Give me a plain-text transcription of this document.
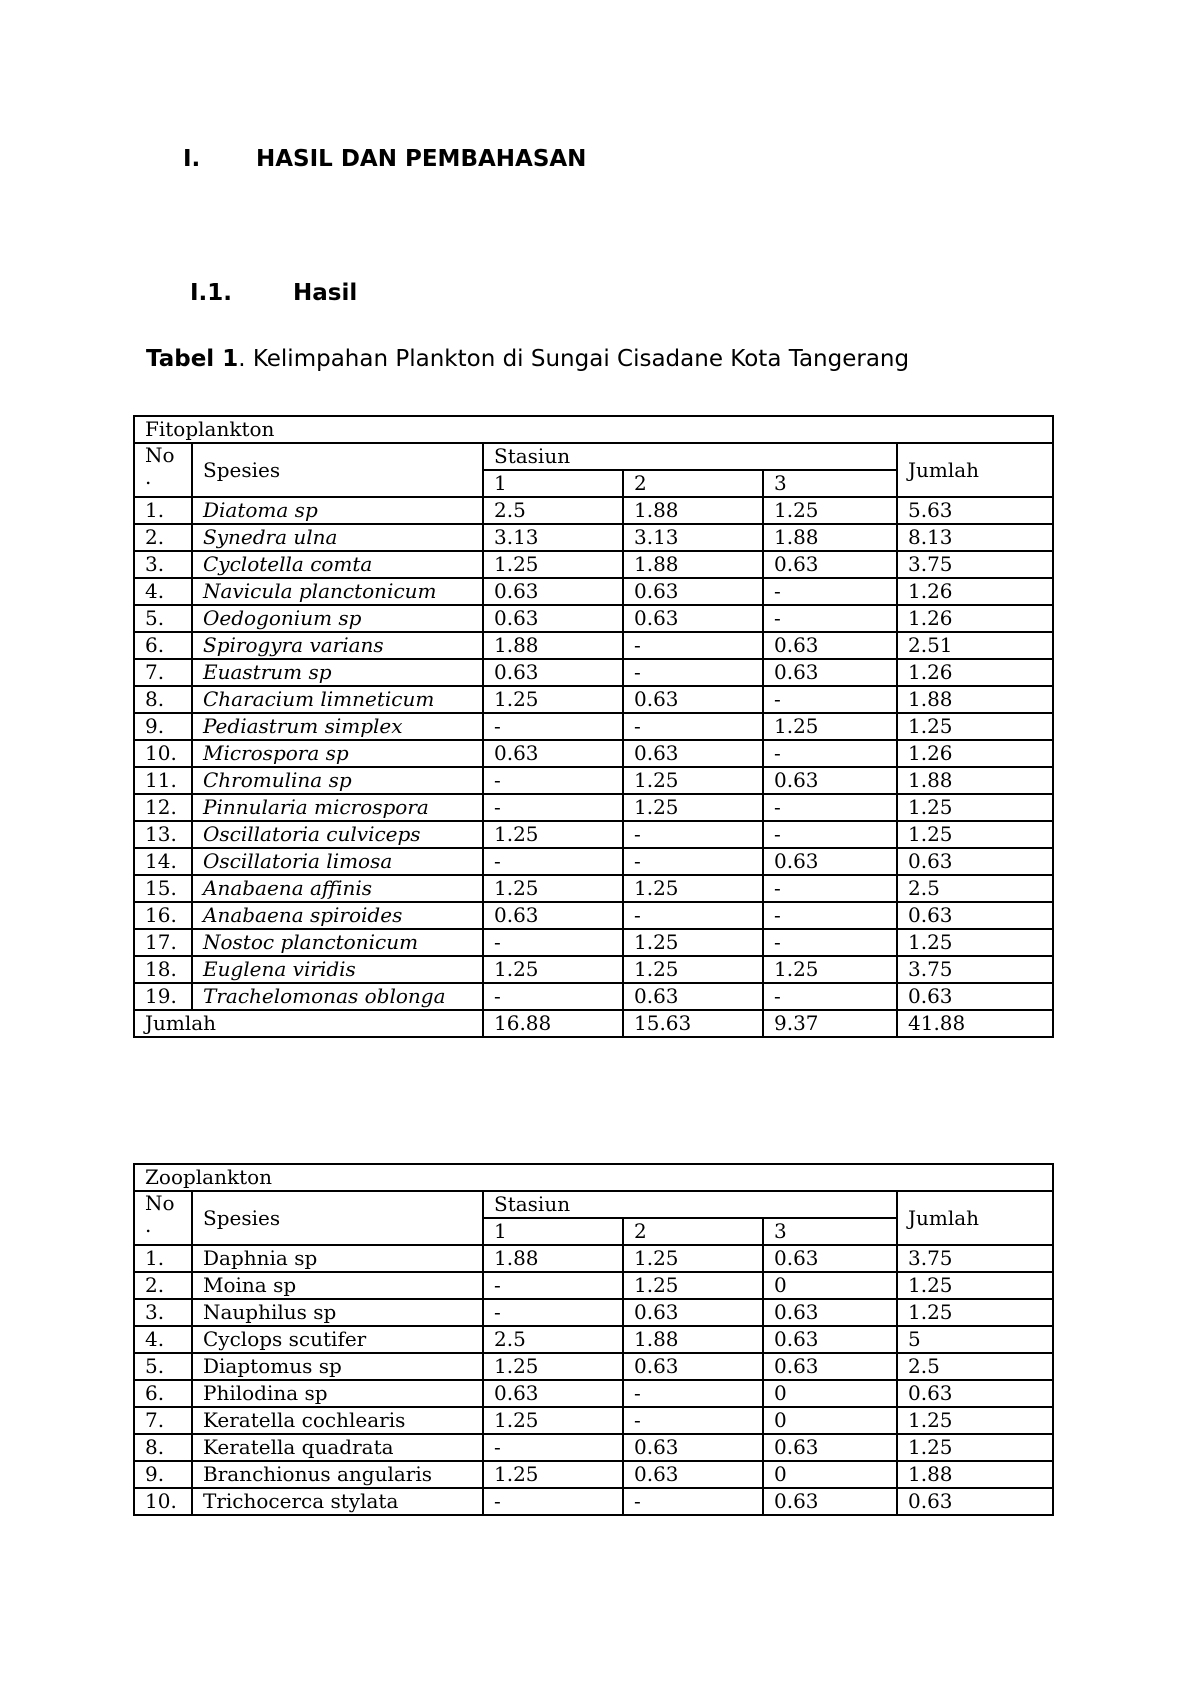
I. HASIL DAN PEMBAHASAN
I.1.	Hasil
Tabel 1. Kelimpahan Plankton di Sungai Cisadane Kota Tangerang
Fitoplankton					
No
.	Spesies	Stasiun			Jumlah
		1	2	3	
1.	Diatoma sp	2.5	1.88	1.25	5.63
2.	Synedra ulna	3.13	3.13	1.88	8.13
3.	Cyclotella comta	1.25	1.88	0.63	3.75
4.	Navicula planctonicum	0.63	0.63	-	1.26
5.	Oedogonium sp	0.63	0.63	-	1.26
6.	Spirogyra varians	1.88	-	0.63	2.51
7.	Euastrum sp	0.63	-	0.63	1.26
8.	Characium limneticum	1.25	0.63	-	1.88
9.	Pediastrum simplex	-	-	1.25	1.25
10.	Microspora sp	0.63	0.63	-	1.26
11.	Chromulina sp	-	1.25	0.63	1.88
12.	Pinnularia microspora	-	1.25	-	1.25
13.	Oscillatoria culviceps	1.25	-	-	1.25
14.	Oscillatoria limosa	-	-	0.63	0.63
15.	Anabaena affinis	1.25	1.25	-	2.5
16.	Anabaena spiroides	0.63	-	-	0.63
17.	Nostoc planctonicum	-	1.25	-	1.25
18.	Euglena viridis	1.25	1.25	1.25	3.75
19.	Trachelomonas oblonga	-	0.63	-	0.63
Jumlah		16.88	15.63	9.37	41.88
Zooplankton					
No
.	Spesies	Stasiun			Jumlah
		1	2	3	
1.	Daphnia sp	1.88	1.25	0.63	3.75
2.	Moina sp	-	1.25	0	1.25
3.	Nauphilus sp	-	0.63	0.63	1.25
4.	Cyclops scutifer	2.5	1.88	0.63	5
5.	Diaptomus sp	1.25	0.63	0.63	2.5
6.	Philodina sp	0.63	-	0	0.63
7.	Keratella cochlearis	1.25	-	0	1.25
8.	Keratella quadrata	-	0.63	0.63	1.25
9.	Branchionus angularis	1.25	0.63	0	1.88
10.	Trichocerca stylata	-	-	0.63	0.63
